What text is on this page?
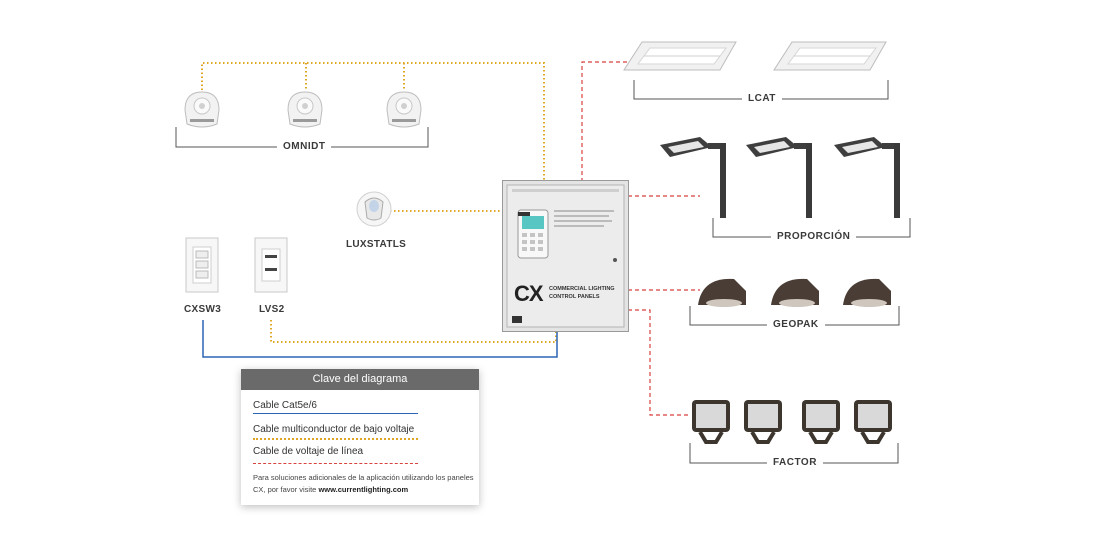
CX COMMERCIAL LIGHTING
CONTROL PANELS
LCAT
OMNIDT
LUXSTATLS
CXSW3	LVS2
PROPORCIÓN
GEOPAK
FACTOR
Clave del diagrama
Cable Cat5e/6
Cable multiconductor de bajo voltaje
Cable de voltaje de línea
Para soluciones adicionales de la aplicación utilizando los paneles CX, por favor visite www.currentlighting.com
